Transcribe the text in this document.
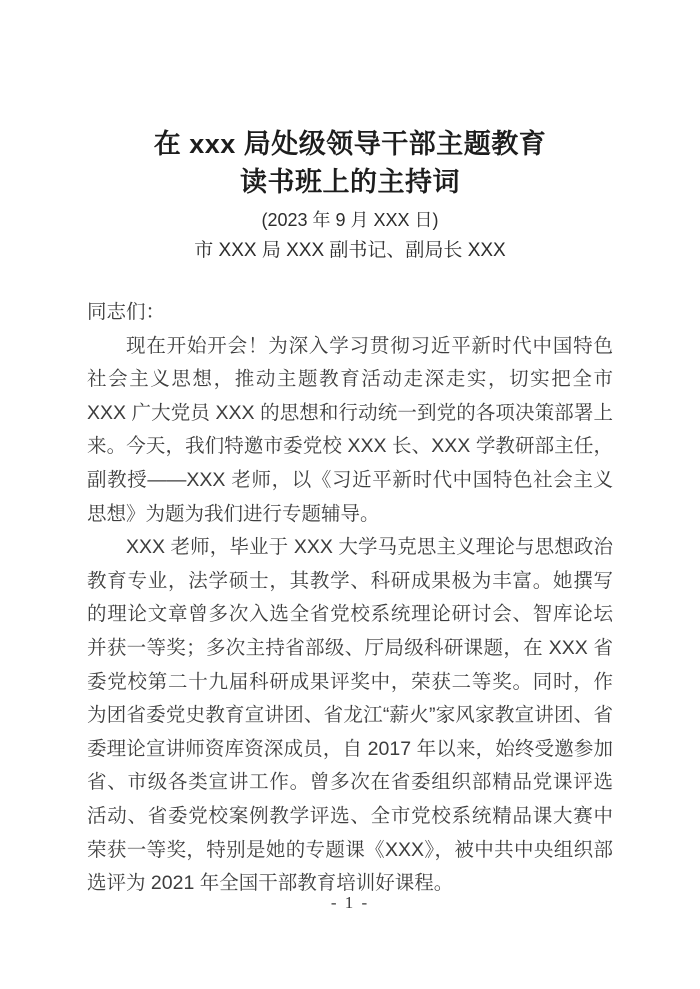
在 xxx 局处级领导干部主题教育
读书班上的主持词
(2023 年 9 月 XXX 日)
市 XXX 局 XXX 副书记、副局长 XXX

同志们：

现在开始开会！为深入学习贯彻习近平新时代中国特色社会主义思想，推动主题教育活动走深走实，切实把全市 XXX 广大党员 XXX 的思想和行动统一到党的各项决策部署上来。今天，我们特邀市委党校 XXX 长、XXX 学教研部主任，副教授——XXX 老师，以《习近平新时代中国特色社会主义思想》为题为我们进行专题辅导。

XXX 老师，毕业于 XXX 大学马克思主义理论与思想政治教育专业，法学硕士，其教学、科研成果极为丰富。她撰写的理论文章曾多次入选全省党校系统理论研讨会、智库论坛并获一等奖；多次主持省部级、厅局级科研课题，在 XXX 省委党校第二十九届科研成果评奖中，荣获二等奖。同时，作为团省委党史教育宣讲团、省龙江“薪火”家风家教宣讲团、省委理论宣讲师资库资深成员，自 2017 年以来，始终受邀参加省、市级各类宣讲工作。曾多次在省委组织部精品党课评选活动、省委党校案例教学评选、全市党校系统精品课大赛中荣获一等奖，特别是她的专题课《XXX》，被中共中央组织部选评为 2021 年全国干部教育培训好课程。

- 1 -
